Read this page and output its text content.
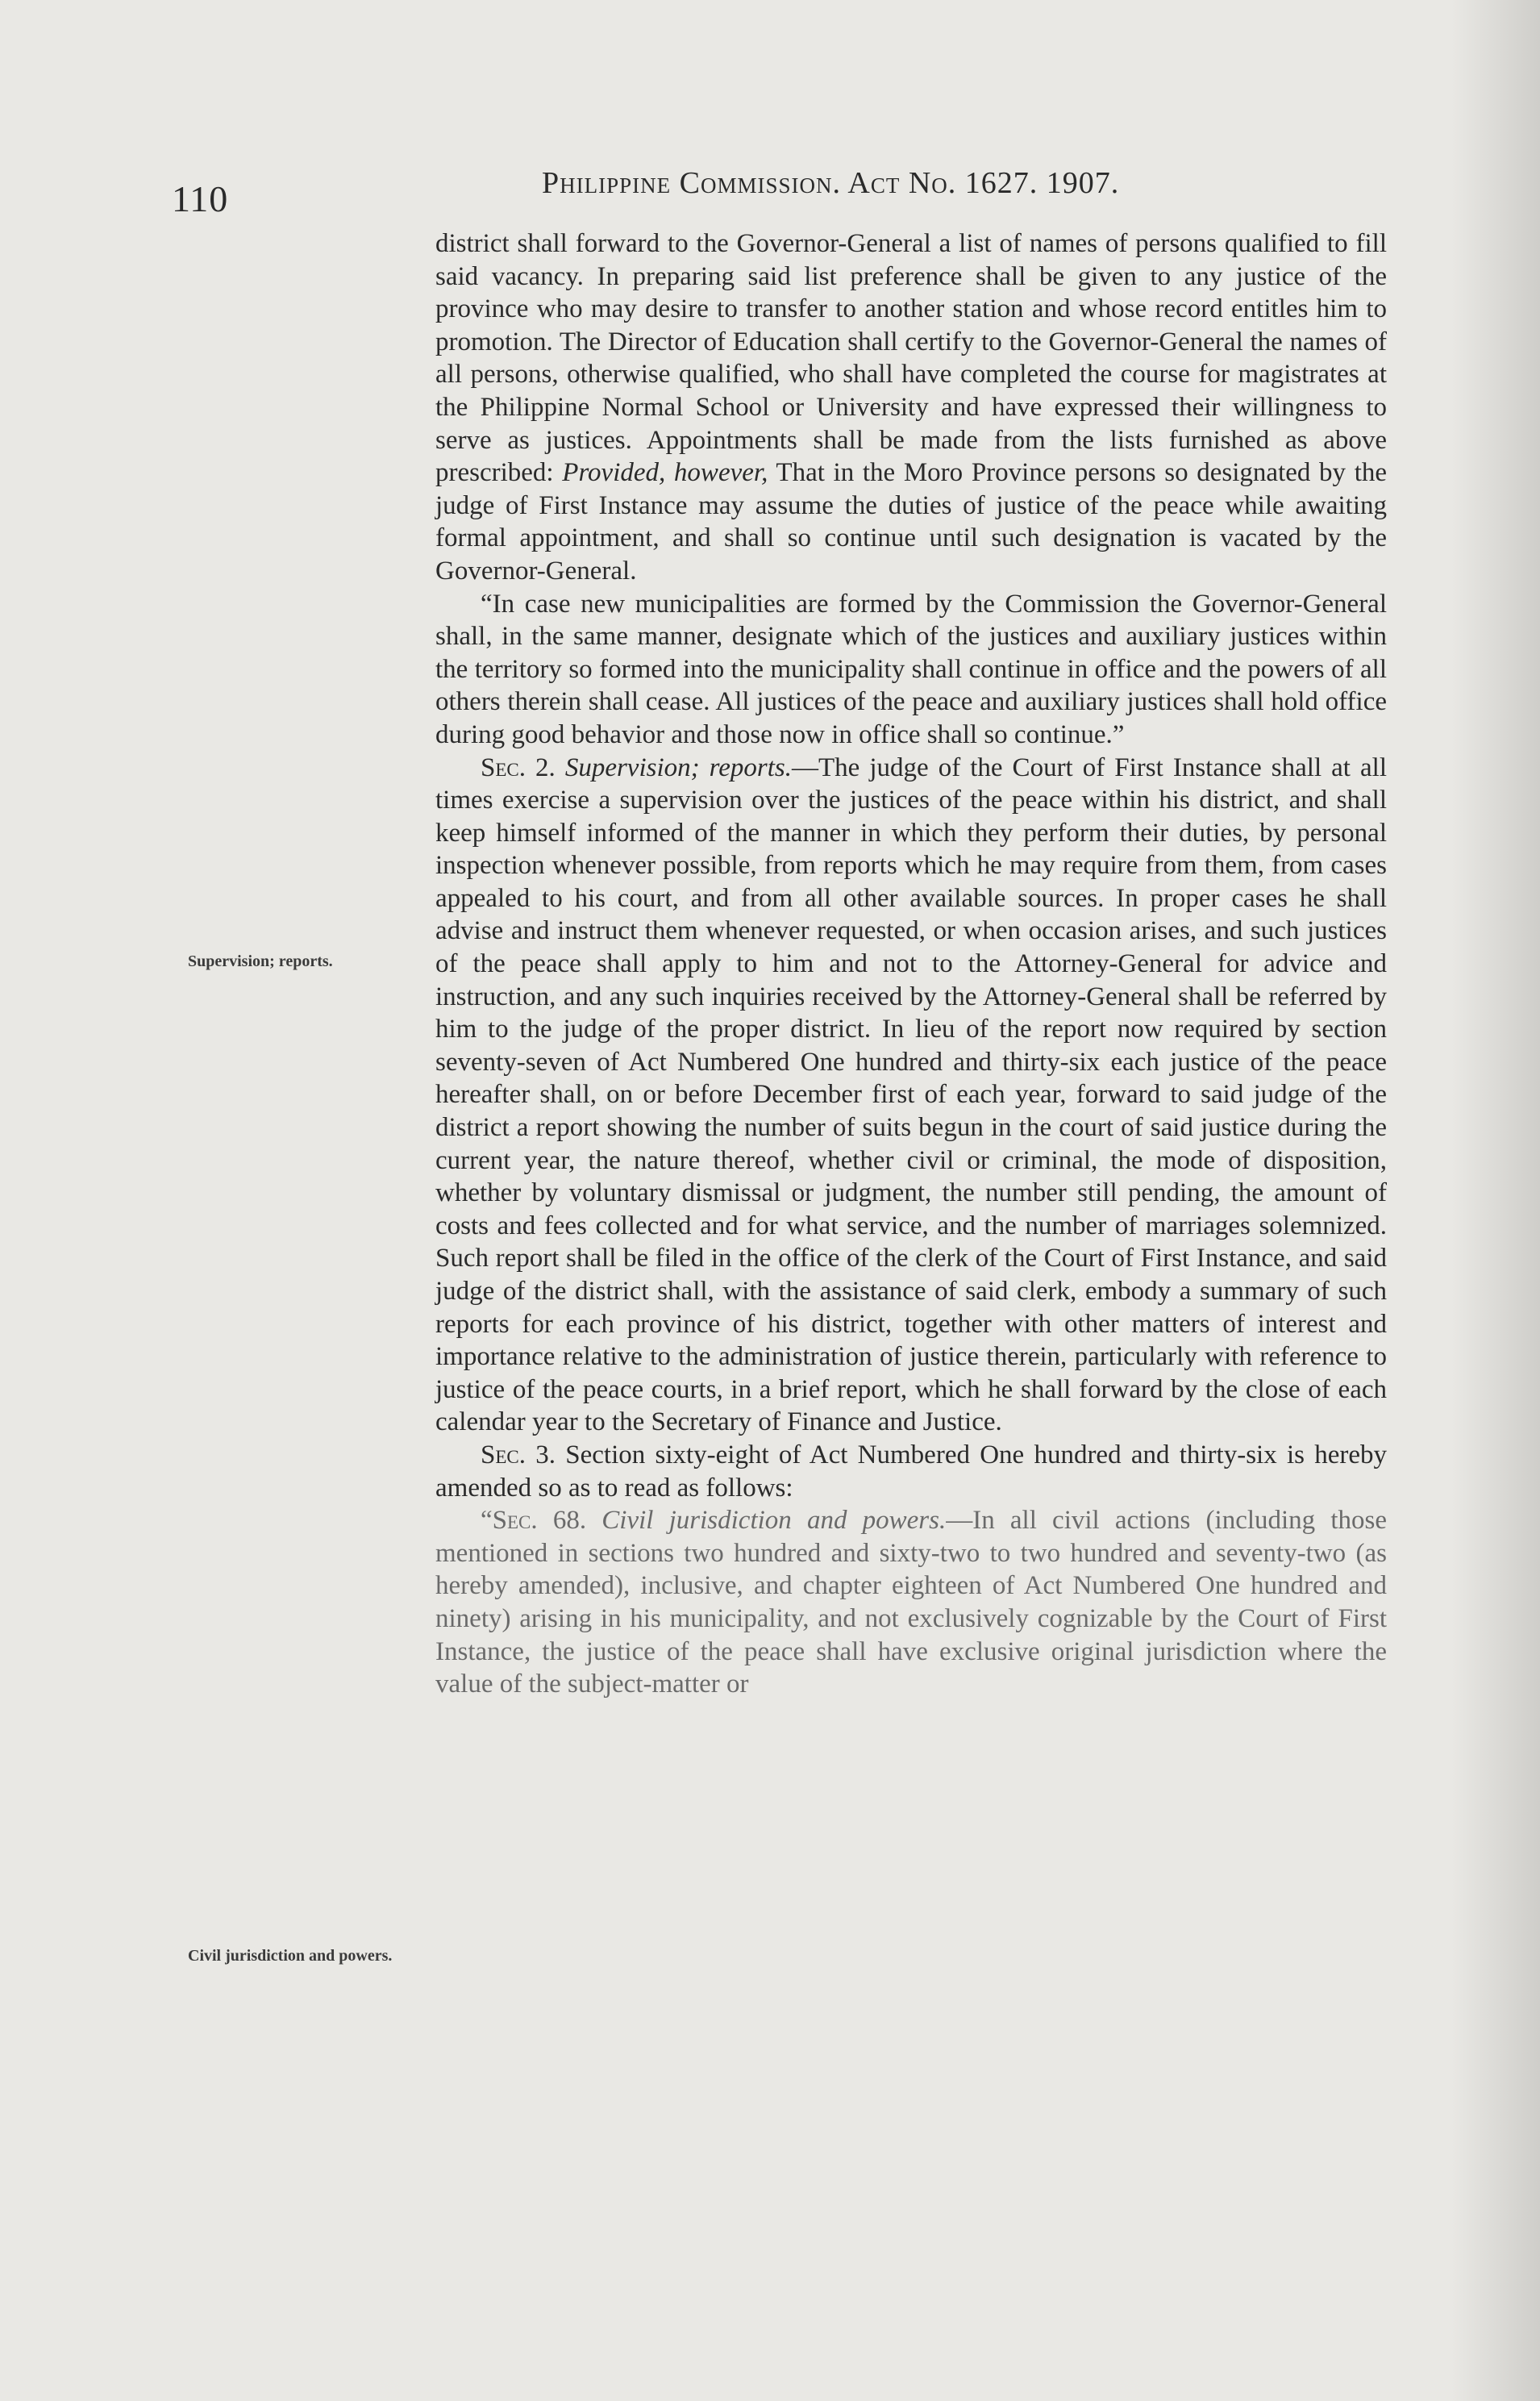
110	Philippine Commission. Act No. 1627. 1907.
Supervision; reports.
Civil jurisdiction and powers.

district shall forward to the Governor-General a list of names of persons qualified to fill said vacancy. In preparing said list preference shall be given to any justice of the province who may desire to transfer to another station and whose record entitles him to promotion. The Director of Education shall certify to the Governor-General the names of all persons, otherwise qualified, who shall have completed the course for magistrates at the Philippine Normal School or University and have expressed their willingness to serve as justices. Appointments shall be made from the lists furnished as above prescribed: Provided, however, That in the Moro Province persons so designated by the judge of First Instance may assume the duties of justice of the peace while awaiting formal appointment, and shall so continue until such designation is vacated by the Governor-General.

“In case new municipalities are formed by the Commission the Governor-General shall, in the same manner, designate which of the justices and auxiliary justices within the territory so formed into the municipality shall continue in office and the powers of all others therein shall cease. All justices of the peace and auxiliary justices shall hold office during good behavior and those now in office shall so continue.”

Sec. 2. Supervision; reports.—The judge of the Court of First Instance shall at all times exercise a supervision over the justices of the peace within his district, and shall keep himself informed of the manner in which they perform their duties, by personal inspection whenever possible, from reports which he may require from them, from cases appealed to his court, and from all other available sources. In proper cases he shall advise and instruct them whenever requested, or when occasion arises, and such justices of the peace shall apply to him and not to the Attorney-General for advice and instruction, and any such inquiries received by the Attorney-General shall be referred by him to the judge of the proper district. In lieu of the report now required by section seventy-seven of Act Numbered One hundred and thirty-six each justice of the peace hereafter shall, on or before December first of each year, forward to said judge of the district a report showing the number of suits begun in the court of said justice during the current year, the nature thereof, whether civil or criminal, the mode of disposition, whether by voluntary dismissal or judgment, the number still pending, the amount of costs and fees collected and for what service, and the number of marriages solemnized. Such report shall be filed in the office of the clerk of the Court of First Instance, and said judge of the district shall, with the assistance of said clerk, embody a summary of such reports for each province of his district, together with other matters of interest and importance relative to the administration of justice therein, particularly with reference to justice of the peace courts, in a brief report, which he shall forward by the close of each calendar year to the Secretary of Finance and Justice.

Sec. 3. Section sixty-eight of Act Numbered One hundred and thirty-six is hereby amended so as to read as follows:

“Sec. 68. Civil jurisdiction and powers.—In all civil actions (including those mentioned in sections two hundred and sixty-two to two hundred and seventy-two (as hereby amended), inclusive, and chapter eighteen of Act Numbered One hundred and ninety) arising in his municipality, and not exclusively cognizable by the Court of First Instance, the justice of the peace shall have exclusive original jurisdiction where the value of the subject-matter or
